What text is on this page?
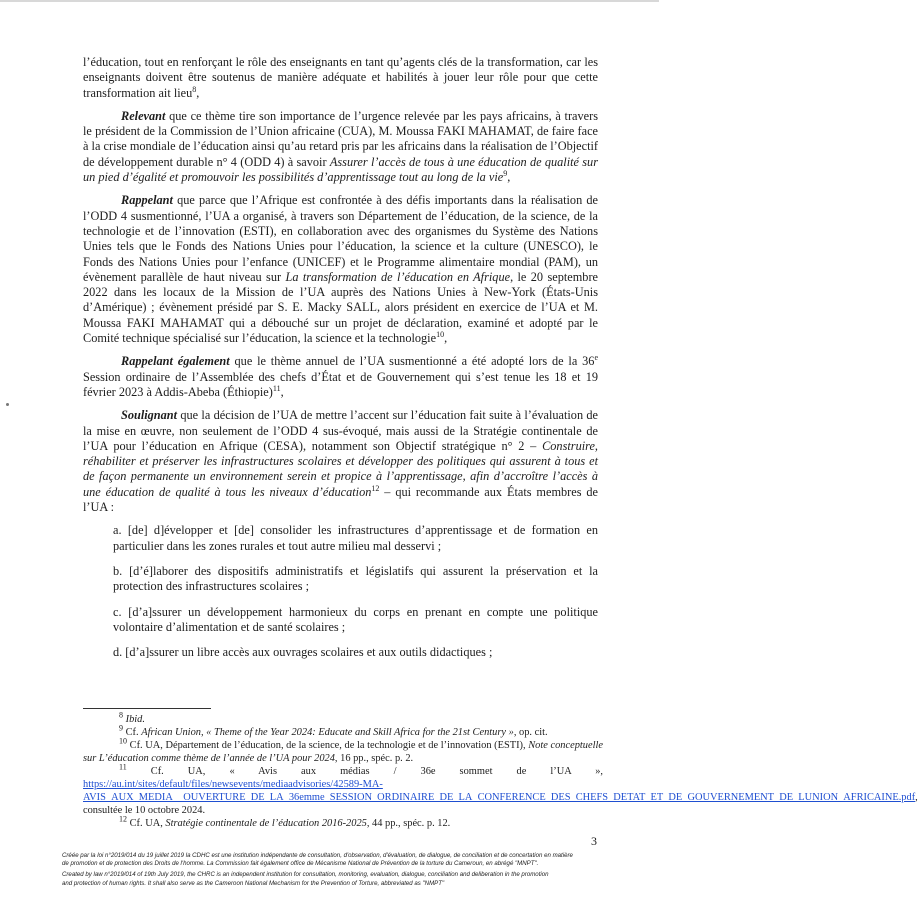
l’éducation, tout en renforçant le rôle des enseignants en tant qu’agents clés de la transformation, car les enseignants doivent être soutenus de manière adéquate et habilités à jouer leur rôle pour que cette transformation ait lieu$^8$,

Relevant que ce thème tire son importance de l’urgence relevée par les pays africains, à travers le président de la Commission de l’Union africaine (CUA), M. Moussa FAKI MAHAMAT, de faire face à la crise mondiale de l’éducation ainsi qu’au retard pris par les africains dans la réalisation de l’Objectif de développement durable n° 4 (ODD 4) à savoir Assurer l’accès de tous à une éducation de qualité sur un pied d’égalité et promouvoir les possibilités d’apprentissage tout au long de la vie$^9$,

Rappelant que parce que l’Afrique est confrontée à des défis importants dans la réalisation de l’ODD 4 susmentionné, l’UA a organisé, à travers son Département de l’éducation, de la science, de la technologie et de l’innovation (ESTI), en collaboration avec des organismes du Système des Nations Unies tels que le Fonds des Nations Unies pour l’éducation, la science et la culture (UNESCO), le Fonds des Nations Unies pour l’enfance (UNICEF) et le Programme alimentaire mondial (PAM), un évènement parallèle de haut niveau sur La transformation de l’éducation en Afrique, le 20 septembre 2022 dans les locaux de la Mission de l’UA auprès des Nations Unies à New-York (États-Unis d’Amérique) ; évènement présidé par S. E. Macky SALL, alors président en exercice de l’UA et M. Moussa FAKI MAHAMAT qui a débouché sur un projet de déclaration, examiné et adopté par le Comité technique spécialisé sur l’éducation, la science et la technologie$^{10}$,

Rappelant également que le thème annuel de l’UA susmentionné a été adopté lors de la 36e Session ordinaire de l’Assemblée des chefs d’État et de Gouvernement qui s’est tenue les 18 et 19 février 2023 à Addis-Abeba (Éthiopie)$^{11}$,

Soulignant que la décision de l’UA de mettre l’accent sur l’éducation fait suite à l’évaluation de la mise en œuvre, non seulement de l’ODD 4 sus-évoqué, mais aussi de la Stratégie continentale de l’UA pour l’éducation en Afrique (CESA), notamment son Objectif stratégique n° 2 – Construire, réhabiliter et préserver les infrastructures scolaires et développer des politiques qui assurent à tous et de façon permanente un environnement serein et propice à l’apprentissage, afin d’accroître l’accès à une éducation de qualité à tous les niveaux d’éducation$^{12}$ – qui recommande aux États membres de l’UA :

a. [de] d]évelopper et [de] consolider les infrastructures d’apprentissage et de formation en particulier dans les zones rurales et tout autre milieu mal desservi ;
b. [d’é]laborer des dispositifs administratifs et législatifs qui assurent la préservation et la protection des infrastructures scolaires ;
c. [d’a]ssurer un développement harmonieux du corps en prenant en compte une politique volontaire d’alimentation et de santé scolaires ;
d. [d’a]ssurer un libre accès aux ouvrages scolaires et aux outils didactiques ;

$^8$ Ibid.

$^9$ Cf. African Union, « Theme of the Year 2024: Educate and Skill Africa for the 21st Century », op. cit.

$^{10}$ Cf. UA, Département de l’éducation, de la science, de la technologie et de l’innovation (ESTI), Note conceptuelle sur L’éducation comme thème de l’année de l’UA pour 2024, 16 pp., spéc. p. 2.

$^{11}$ Cf. UA, « Avis aux médias / 36e sommet de l’UA », https://au.int/sites/default/files/newsevents/mediaadvisories/42589-MA-AVIS_AUX_MEDIA__OUVERTURE_DE_LA_36emme_SESSION_ORDINAIRE_DE_LA_CONFERENCE_DES_CHEFS_DETAT_ET_DE_GOUVERNEMENT_DE_LUNION_AFRICAINE.pdf, consultée le 10 octobre 2024.

$^{12}$ Cf. UA, Stratégie continentale de l’éducation 2016-2025, 44 pp., spéc. p. 12.

3
Créée par la loi n°2019/014 du 19 juillet 2019 la CDHC est une institution indépendante de consultation, d'observation, d'évaluation, de dialogue, de conciliation et de concertation en matière
de promotion et de protection des Droits de l'homme. La Commission fait également office de Mécanisme National de Prévention de la torture du Cameroun, en abrégé "MNPT".
Created by law n°2019/014 of 19th July 2019, the CHRC is an independent institution for consultation, monitoring, evaluation, dialogue, conciliation and deliberation in the promotion
and protection of human rights. It shall also serve as the Cameroon National Mechanism for the Prevention of Torture, abbreviated as "NMPT"
